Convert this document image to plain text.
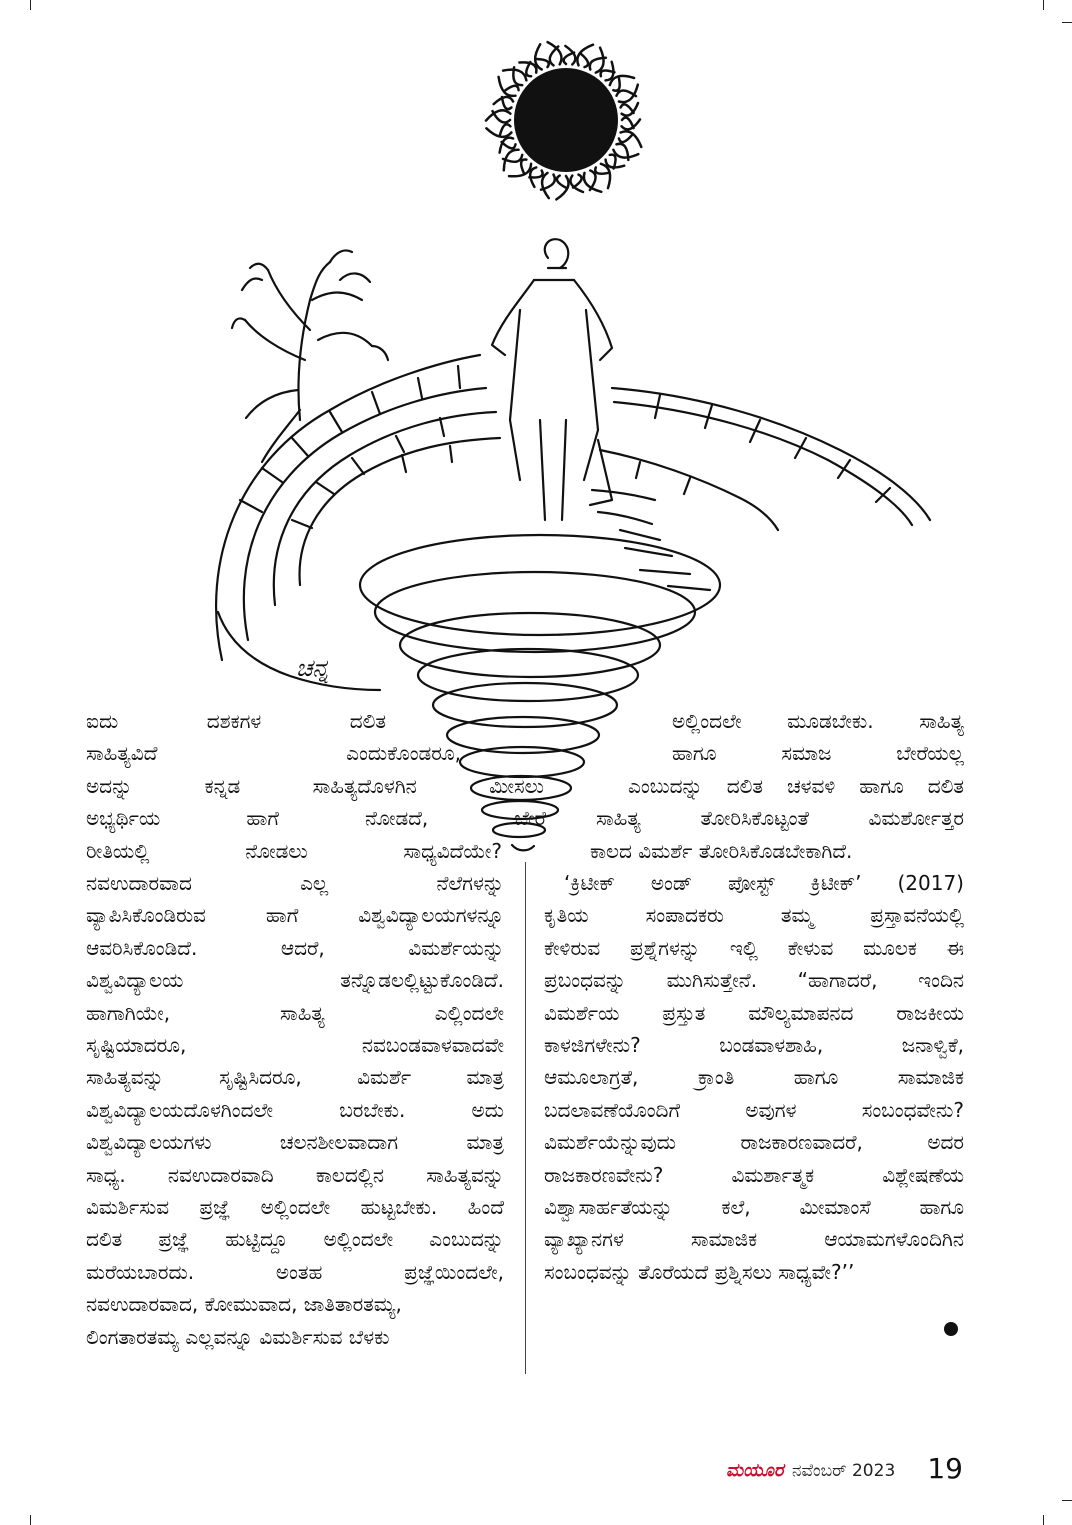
ಚನ್ನ
ಐದು ದಶಕಗಳ ದಲಿತ
ಸಾಹಿತ್ಯವಿದೆ ಎಂದುಕೊಂಡರೂ,
ಅದನ್ನು ಕನ್ನಡ ಸಾಹಿತ್ಯದೊಳಗಿನ ಮೀಸಲು
ಅಭ್ಯರ್ಥಿಯ ಹಾಗೆ ನೋಡದೆ, ಬೇರೆ
ರೀತಿಯಲ್ಲಿ ನೋಡಲು ಸಾಧ್ಯವಿದೆಯೇ?
ನವಉದಾರವಾದ ಎಲ್ಲ ನೆಲೆಗಳನ್ನು
ವ್ಯಾಪಿಸಿಕೊಂಡಿರುವ ಹಾಗೆ ವಿಶ್ವವಿದ್ಯಾಲಯಗಳನ್ನೂ
ಆವರಿಸಿಕೊಂಡಿದೆ. ಆದರೆ, ವಿಮರ್ಶೆಯನ್ನು
ವಿಶ್ವವಿದ್ಯಾಲಯ ತನ್ನೊಡಲಲ್ಲಿಟ್ಟುಕೊಂಡಿದೆ.
ಹಾಗಾಗಿಯೇ, ಸಾಹಿತ್ಯ ಎಲ್ಲಿಂದಲೇ
ಸೃಷ್ಟಿಯಾದರೂ, ನವಬಂಡವಾಳವಾದವೇ
ಸಾಹಿತ್ಯವನ್ನು ಸೃಷ್ಟಿಸಿದರೂ, ವಿಮರ್ಶೆ ಮಾತ್ರ
ವಿಶ್ವವಿದ್ಯಾಲಯದೊಳಗಿಂದಲೇ ಬರಬೇಕು. ಅದು
ವಿಶ್ವವಿದ್ಯಾಲಯಗಳು ಚಲನಶೀಲವಾದಾಗ ಮಾತ್ರ
ಸಾಧ್ಯ. ನವಉದಾರವಾದಿ ಕಾಲದಲ್ಲಿನ ಸಾಹಿತ್ಯವನ್ನು
ವಿಮರ್ಶಿಸುವ ಪ್ರಜ್ಞೆ ಅಲ್ಲಿಂದಲೇ ಹುಟ್ಟಬೇಕು. ಹಿಂದೆ
ದಲಿತ ಪ್ರಜ್ಞೆ ಹುಟ್ಟಿದ್ದೂ ಅಲ್ಲಿಂದಲೇ ಎಂಬುದನ್ನು
ಮರೆಯಬಾರದು. ಅಂತಹ ಪ್ರಜ್ಞೆಯಿಂದಲೇ,
ನವಉದಾರವಾದ, ಕೋಮುವಾದ, ಜಾತಿತಾರತಮ್ಯ,
ಲಿಂಗತಾರತಮ್ಯ ಎಲ್ಲವನ್ನೂ ವಿಮರ್ಶಿಸುವ ಬೆಳಕು
ಅಲ್ಲಿಂದಲೇ ಮೂಡಬೇಕು. ಸಾಹಿತ್ಯ
ಹಾಗೂ ಸಮಾಜ ಬೇರೆಯಲ್ಲ
ಎಂಬುದನ್ನು ದಲಿತ ಚಳವಳಿ ಹಾಗೂ ದಲಿತ
ಸಾಹಿತ್ಯ ತೋರಿಸಿಕೊಟ್ಟಂತೆ ವಿಮರ್ಶೋತ್ತರ
ಕಾಲದ ವಿಮರ್ಶೆ ತೋರಿಸಿಕೊಡಬೇಕಾಗಿದೆ.
‘ಕ್ರಿಟೀಕ್ ಅಂಡ್ ಪೋಸ್ಟ್ ಕ್ರಿಟೀಕ್’ (2017)
ಕೃತಿಯ ಸಂಪಾದಕರು ತಮ್ಮ ಪ್ರಸ್ತಾವನೆಯಲ್ಲಿ
ಕೇಳಿರುವ ಪ್ರಶ್ನೆಗಳನ್ನು ಇಲ್ಲಿ ಕೇಳುವ ಮೂಲಕ ಈ
ಪ್ರಬಂಧವನ್ನು ಮುಗಿಸುತ್ತೇನೆ. “ಹಾಗಾದರೆ, ಇಂದಿನ
ವಿಮರ್ಶೆಯ ಪ್ರಸ್ತುತ ಮೌಲ್ಯಮಾಪನದ ರಾಜಕೀಯ
ಕಾಳಜಿಗಳೇನು? ಬಂಡವಾಳಶಾಹಿ, ಜನಾಳ್ವಿಕೆ,
ಆಮೂಲಾಗ್ರತೆ, ಕ್ರಾಂತಿ ಹಾಗೂ ಸಾಮಾಜಿಕ
ಬದಲಾವಣೆಯೊಂದಿಗೆ ಅವುಗಳ ಸಂಬಂಧವೇನು?
ವಿಮರ್ಶೆಯೆನ್ನುವುದು ರಾಜಕಾರಣವಾದರೆ, ಅದರ
ರಾಜಕಾರಣವೇನು? ವಿಮರ್ಶಾತ್ಮಕ ವಿಶ್ಲೇಷಣೆಯ
ವಿಶ್ವಾಸಾರ್ಹತೆಯನ್ನು ಕಲೆ, ಮೀಮಾಂಸೆ ಹಾಗೂ
ವ್ಯಾಖ್ಯಾನಗಳ ಸಾಮಾಜಿಕ ಆಯಾಮಗಳೊಂದಿಗಿನ
ಸಂಬಂಧವನ್ನು ತೊರೆಯದೆ ಪ್ರಶ್ನಿಸಲು ಸಾಧ್ಯವೇ?’’
ಮಯೂರ ನವೆಂಬರ್ 2023 19
